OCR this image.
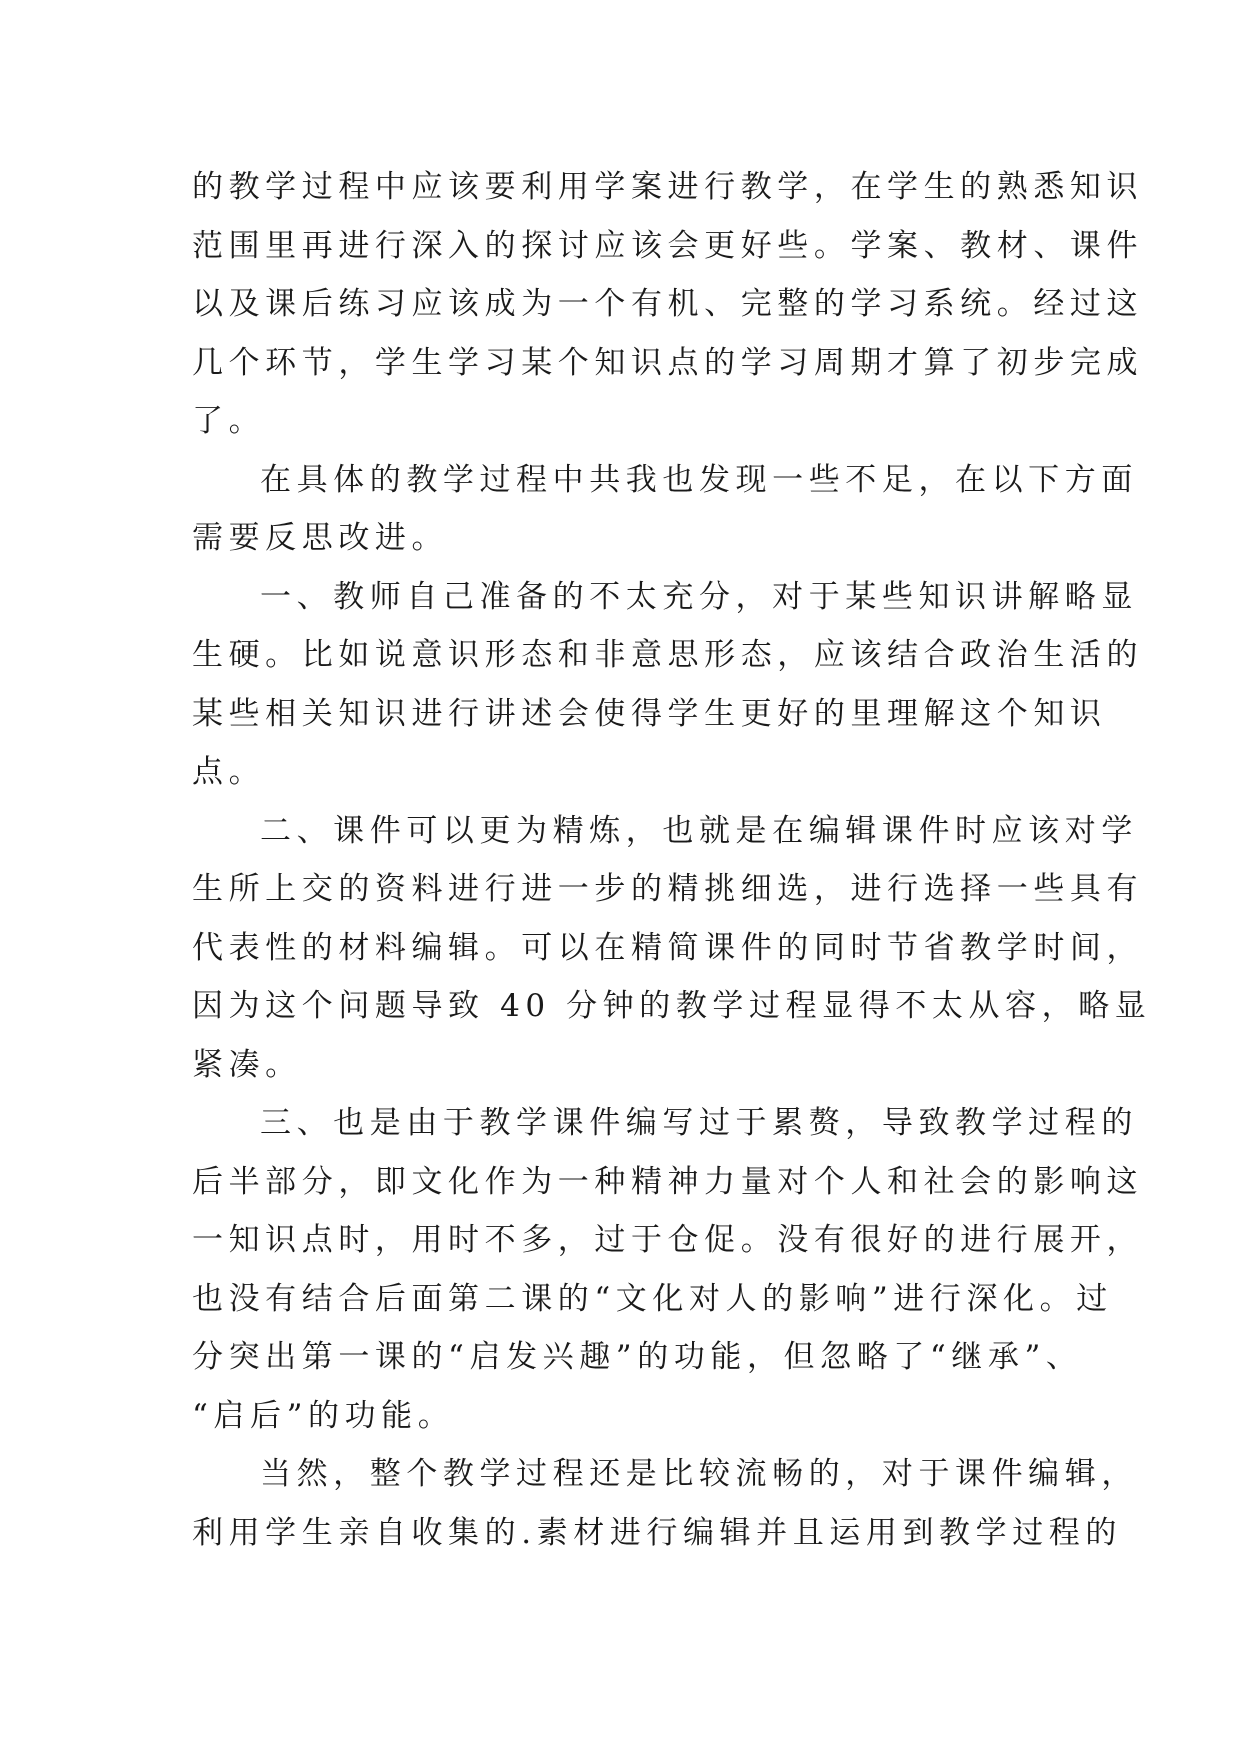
的教学过程中应该要利用学案进行教学，在学生的熟悉知识
范围里再进行深入的探讨应该会更好些。学案、教材、课件
以及课后练习应该成为一个有机、完整的学习系统。经过这
几个环节，学生学习某个知识点的学习周期才算了初步完成
了。
在具体的教学过程中共我也发现一些不足，在以下方面
需要反思改进。
一、教师自己准备的不太充分，对于某些知识讲解略显
生硬。比如说意识形态和非意思形态，应该结合政治生活的
某些相关知识进行讲述会使得学生更好的里理解这个知识
点。
二、课件可以更为精炼，也就是在编辑课件时应该对学
生所上交的资料进行进一步的精挑细选，进行选择一些具有
代表性的材料编辑。可以在精简课件的同时节省教学时间，
因为这个问题导致 40 分钟的教学过程显得不太从容，略显
紧凑。
三、也是由于教学课件编写过于累赘，导致教学过程的
后半部分，即文化作为一种精神力量对个人和社会的影响这
一知识点时，用时不多，过于仓促。没有很好的进行展开，
也没有结合后面第二课的“文化对人的影响”进行深化。过
分突出第一课的“启发兴趣”的功能，但忽略了“继承”、
“启后”的功能。
当然，整个教学过程还是比较流畅的，对于课件编辑，
利用学生亲自收集的.素材进行编辑并且运用到教学过程的
